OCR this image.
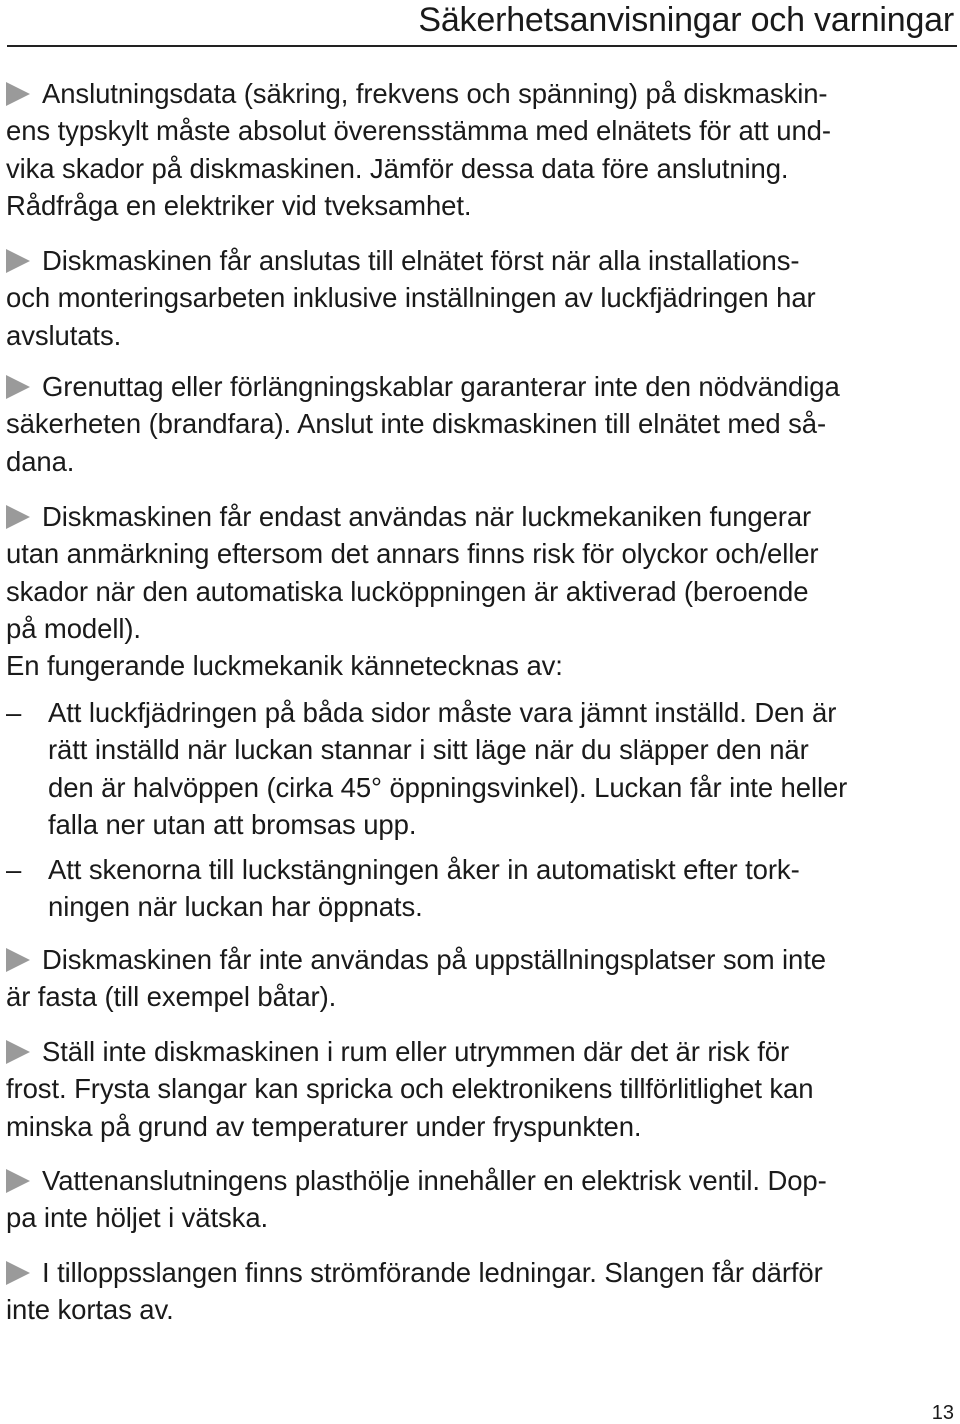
Säkerhetsanvisningar och varningar
Anslutningsdata (säkring, frekvens och spänning) på diskmaskin-
ens typskylt måste absolut överensstämma med elnätets för att und-
vika skador på diskmaskinen. Jämför dessa data före anslutning.
Rådfråga en elektriker vid tveksamhet.
Diskmaskinen får anslutas till elnätet först när alla installations-
och monteringsarbeten inklusive inställningen av luckfjädringen har
avslutats.
Grenuttag eller förlängningskablar garanterar inte den nödvändiga
säkerheten (brandfara). Anslut inte diskmaskinen till elnätet med så-
dana.
Diskmaskinen får endast användas när luckmekaniken fungerar
utan anmärkning eftersom det annars finns risk för olyckor och/eller
skador när den automatiska lucköppningen är aktiverad (beroende
på modell).
En fungerande luckmekanik kännetecknas av:
– Att luckfjädringen på båda sidor måste vara jämnt inställd. Den är
rätt inställd när luckan stannar i sitt läge när du släpper den när
den är halvöppen (cirka 45° öppningsvinkel). Luckan får inte heller
falla ner utan att bromsas upp.
– Att skenorna till luckstängningen åker in automatiskt efter tork-
ningen när luckan har öppnats.
Diskmaskinen får inte användas på uppställningsplatser som inte
är fasta (till exempel båtar).
Ställ inte diskmaskinen i rum eller utrymmen där det är risk för
frost. Frysta slangar kan spricka och elektronikens tillförlitlighet kan
minska på grund av temperaturer under fryspunkten.
Vattenanslutningens plasthölje innehåller en elektrisk ventil. Dop-
pa inte höljet i vätska.
I tilloppsslangen finns strömförande ledningar. Slangen får därför
inte kortas av.
13
